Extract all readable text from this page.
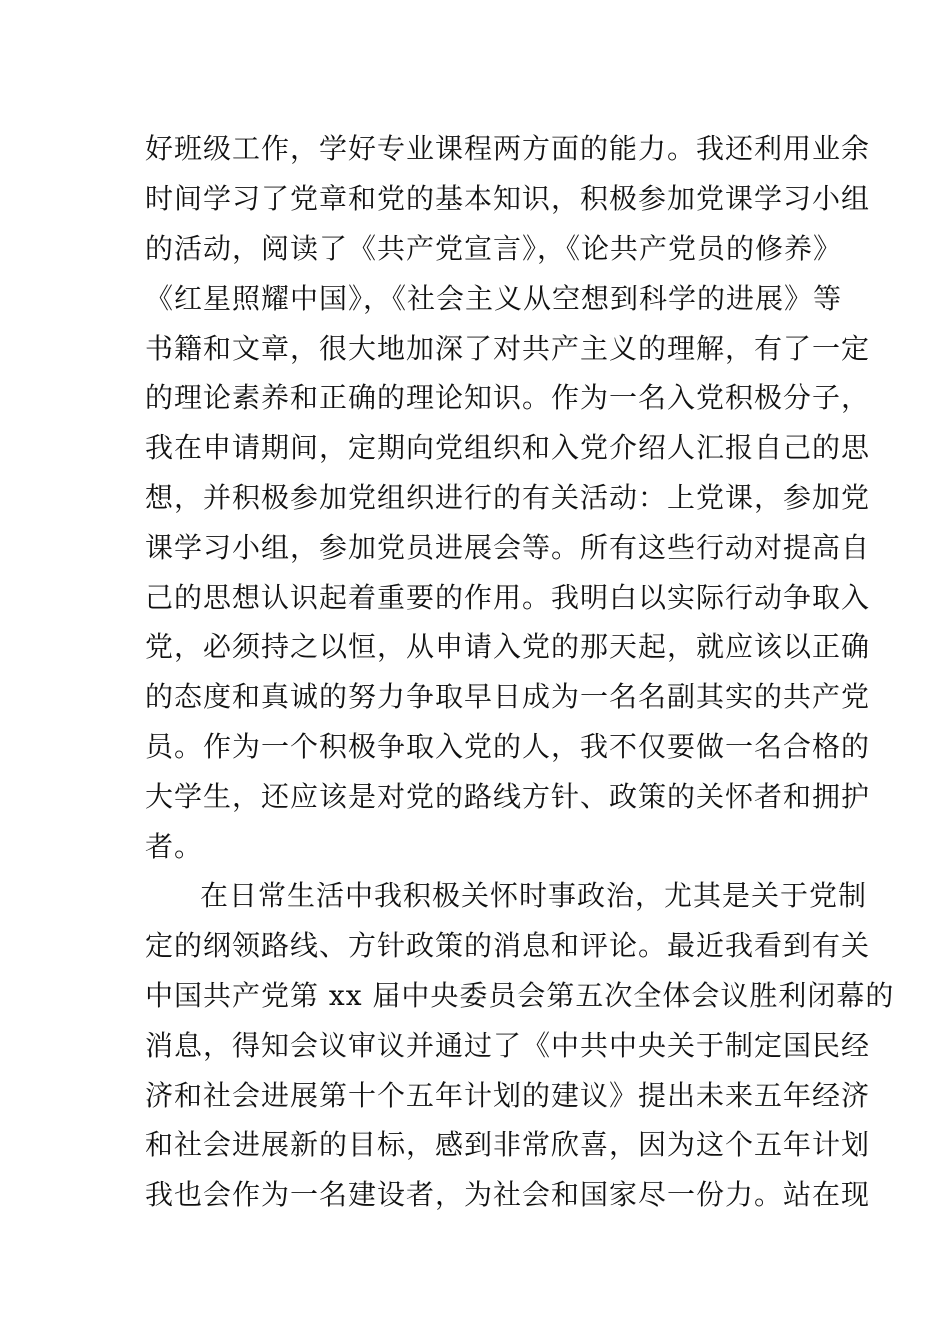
好班级工作，学好专业课程两方面的能力。我还利用业余
时间学习了党章和党的基本知识，积极参加党课学习小组
的活动，阅读了《共产党宣言》，《论共产党员的修养》
《红星照耀中国》，《社会主义从空想到科学的进展》等
书籍和文章，很大地加深了对共产主义的理解，有了一定
的理论素养和正确的理论知识。作为一名入党积极分子，
我在申请期间，定期向党组织和入党介绍人汇报自己的思
想，并积极参加党组织进行的有关活动：上党课，参加党
课学习小组，参加党员进展会等。所有这些行动对提高自
己的思想认识起着重要的作用。我明白以实际行动争取入
党，必须持之以恒，从申请入党的那天起，就应该以正确
的态度和真诚的努力争取早日成为一名名副其实的共产党
员。作为一个积极争取入党的人，我不仅要做一名合格的
大学生，还应该是对党的路线方针、政策的关怀者和拥护
者。
在日常生活中我积极关怀时事政治，尤其是关于党制
定的纲领路线、方针政策的消息和评论。最近我看到有关
中国共产党第 xx 届中央委员会第五次全体会议胜利闭幕的
消息，得知会议审议并通过了《中共中央关于制定国民经
济和社会进展第十个五年计划的建议》提出未来五年经济
和社会进展新的目标，感到非常欣喜，因为这个五年计划
我也会作为一名建设者，为社会和国家尽一份力。站在现
